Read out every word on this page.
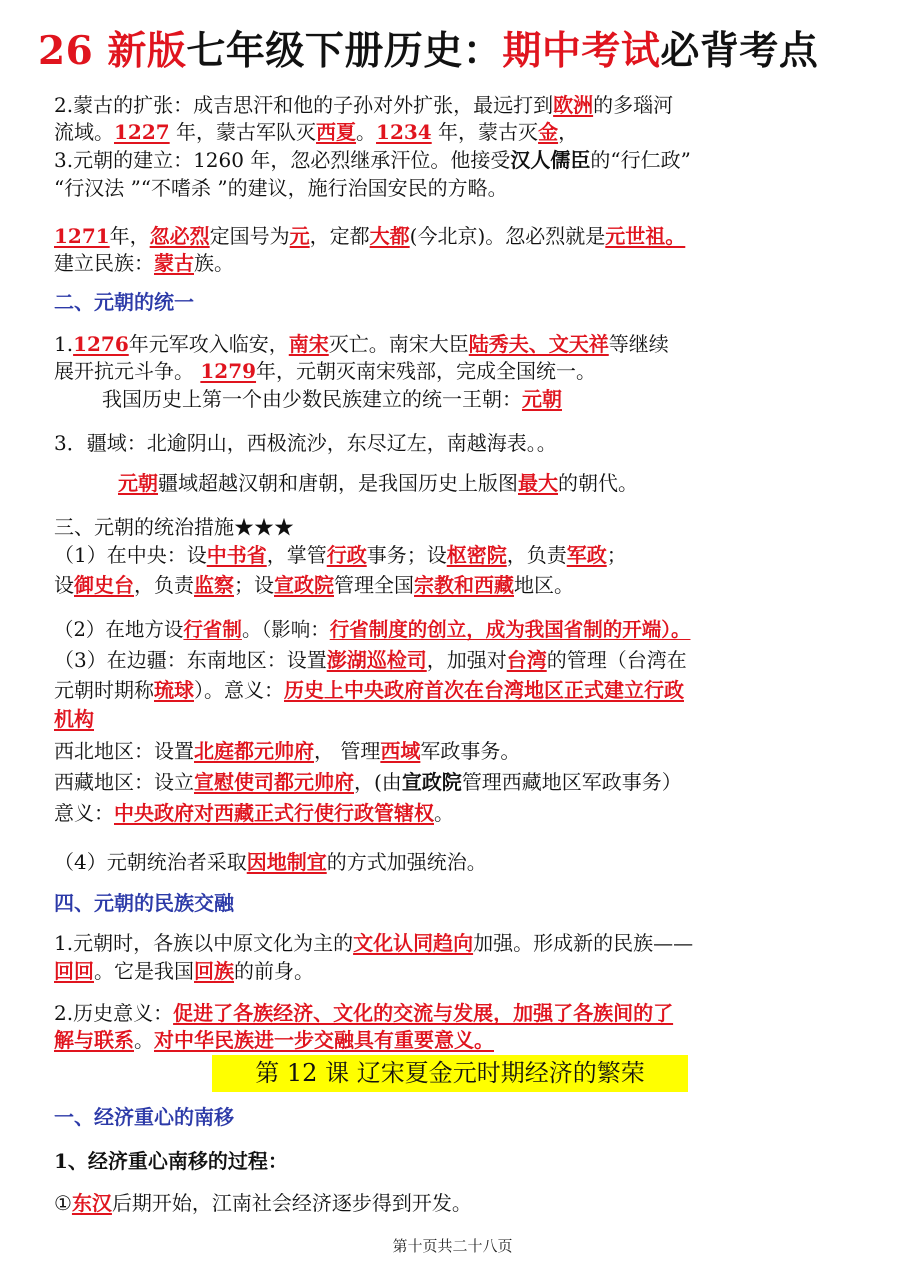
26 新版七年级下册历史：期中考试必背考点
2.蒙古的扩张：成吉思汗和他的子孙对外扩张，最远打到欧洲的多瑙河
流域。1227 年，蒙古军队灭西夏。1234 年，蒙古灭金，
3.元朝的建立：1260 年，忽必烈继承汗位。他接受汉人儒臣的“行仁政”
“行汉法 ”“不嗜杀 ”的建议，施行治国安民的方略。
1271年，忽必烈定国号为元，定都大都(今北京)。忽必烈就是元世祖。
建立民族：蒙古族。
二、元朝的统一
1.1276年元军攻入临安，南宋灭亡。南宋大臣陆秀夫、文天祥等继续
展开抗元斗争。 1279年，元朝灭南宋残部，完成全国统一。
我国历史上第一个由少数民族建立的统一王朝：元朝
3．疆域：北逾阴山，西极流沙，东尽辽左，南越海表。。
元朝疆域超越汉朝和唐朝，是我国历史上版图最大的朝代。
三、元朝的统治措施★★★
（1）在中央：设中书省，掌管行政事务；设枢密院，负责军政；
设御史台，负责监察；设宣政院管理全国宗教和西藏地区。
（2）在地方设行省制。（影响：行省制度的创立，成为我国省制的开端）。
（3）在边疆：东南地区：设置澎湖巡检司，加强对台湾的管理（台湾在
元朝时期称琉球）。意义：历史上中央政府首次在台湾地区正式建立行政
机构
西北地区：设置北庭都元帅府， 管理西域军政事务。
西藏地区：设立宣慰使司都元帅府，(由宣政院管理西藏地区军政事务）
意义：中央政府对西藏正式行使行政管辖权。
（4）元朝统治者采取因地制宜的方式加强统治。
四、元朝的民族交融
1.元朝时，各族以中原文化为主的文化认同趋向加强。形成新的民族——
回回。它是我国回族的前身。
2.历史意义：促进了各族经济、文化的交流与发展，加强了各族间的了
解与联系。对中华民族进一步交融具有重要意义。
第 12 课 辽宋夏金元时期经济的繁荣
一、经济重心的南移
1、经济重心南移的过程：
①东汉后期开始，江南社会经济逐步得到开发。
第十页共二十八页
